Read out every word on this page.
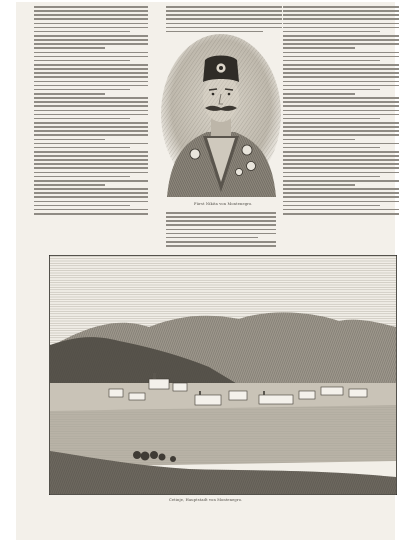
Fürst Nikita von Montenegro.
Cetinje, Hauptstadt von Montenegro.
